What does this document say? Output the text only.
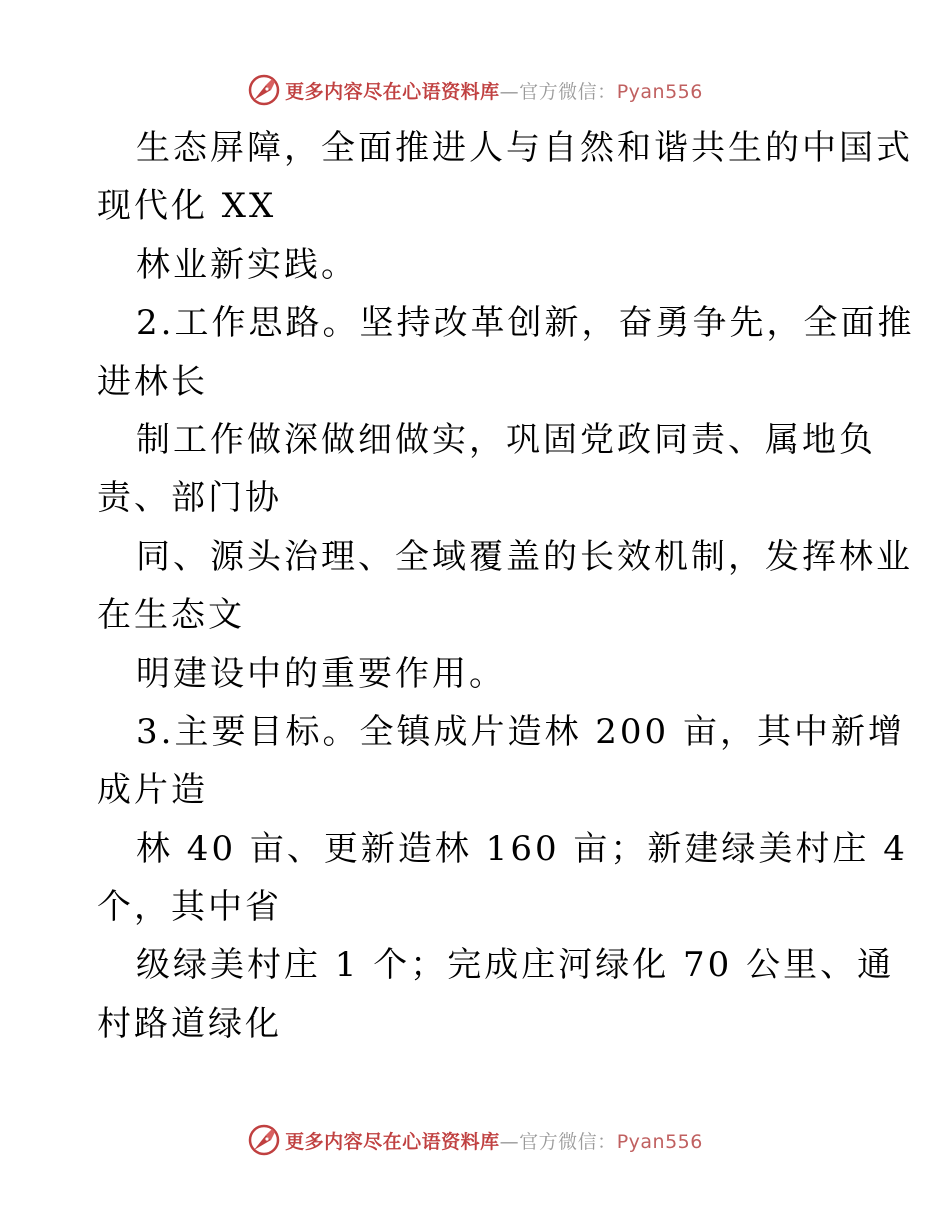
更多内容尽在心语资料库—官方微信：Pyan556
生态屏障，全面推进人与自然和谐共生的中国式
现代化 XX
林业新实践。
2.工作思路。坚持改革创新，奋勇争先，全面推
进林长
制工作做深做细做实，巩固党政同责、属地负
责、部门协
同、源头治理、全域覆盖的长效机制，发挥林业
在生态文
明建设中的重要作用。
3.主要目标。全镇成片造林 200 亩，其中新增
成片造
林 40 亩、更新造林 160 亩；新建绿美村庄 4
个，其中省
级绿美村庄 1 个；完成庄河绿化 70 公里、通
村路道绿化
更多内容尽在心语资料库—官方微信：Pyan556
